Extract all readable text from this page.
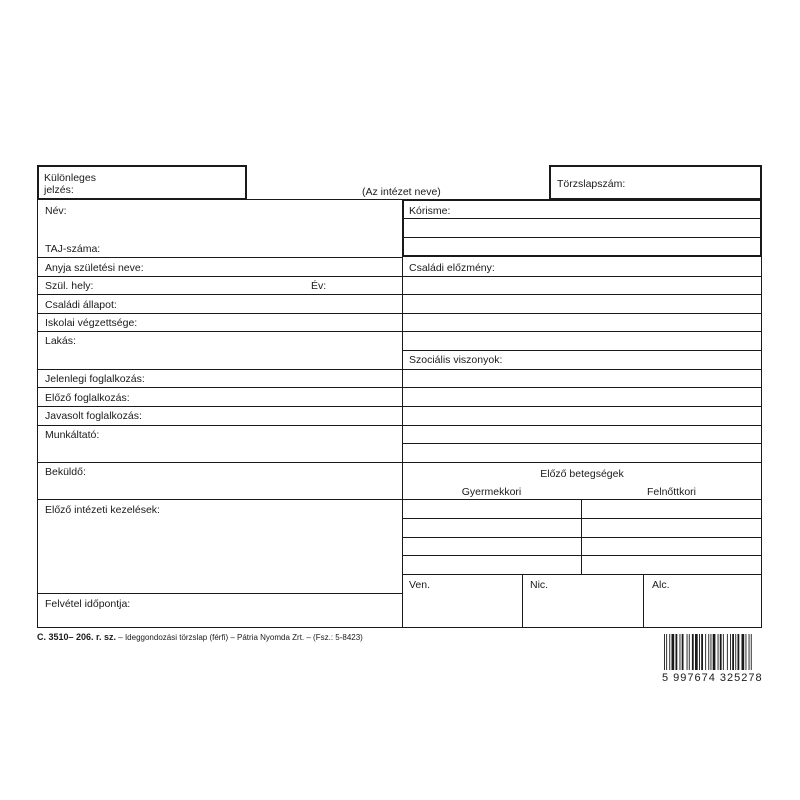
Különleges
jelzés:	(Az intézet neve)
Törzslapszám:
Név:
TAJ-száma:
Anyja születési neve:
Szül. hely:	Év:
Családi állapot:
Iskolai végzettsége:
Lakás:
Jelenlegi foglalkozás:
Előző foglalkozás:
Javasolt foglalkozás:
Munkáltató:
Beküldő:
Előző intézeti kezelések:
Felvétel időpontja:
Kórisme:
Családi előzmény:
Szociális viszonyok:
Előző betegségek
Gyermekkori	Felnőttkori
Ven.	Nic.	Alc.
C. 3510– 206. r. sz. – Ideggondozási törzslap (férfi) – Pátria Nyomda Zrt. – (Fsz.: 5-8423)
5 997674 325278
